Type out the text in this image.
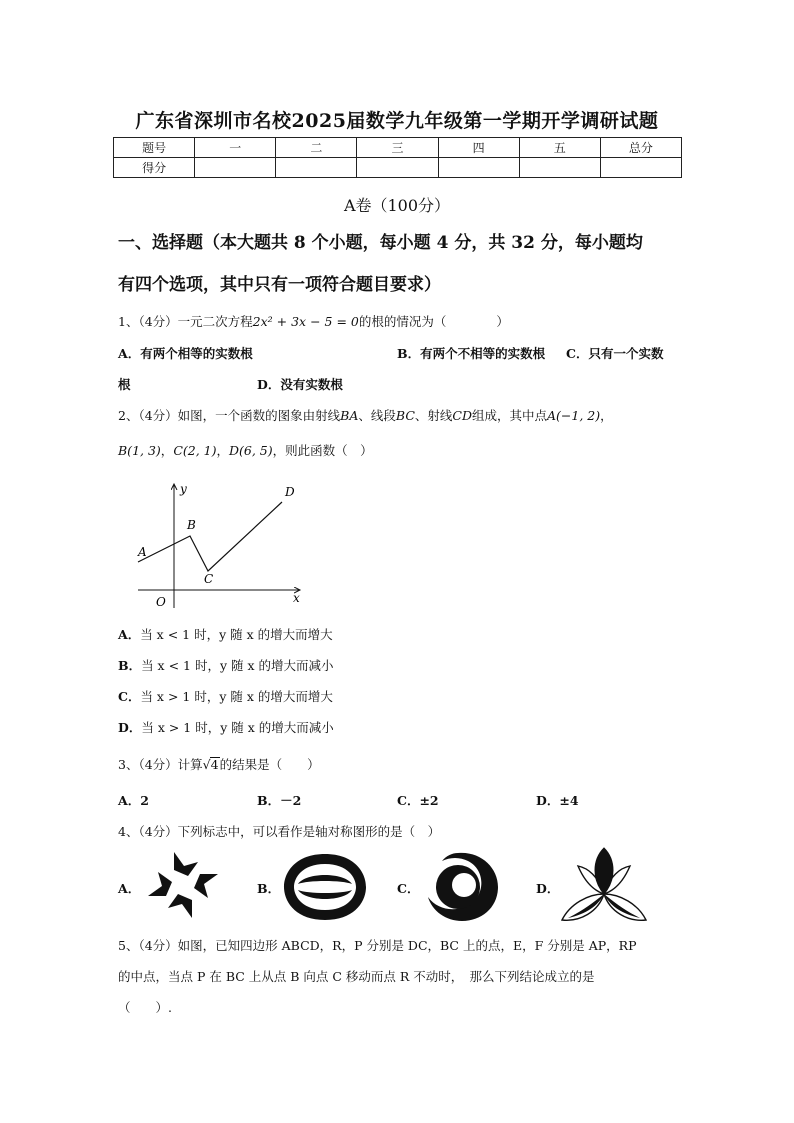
广东省深圳市名校2025届数学九年级第一学期开学调研试题
题号	一	二	三	四	五	总分
得分						
A卷（100分）
一、选择题（本大题共 8 个小题，每小题 4 分，共 32 分，每小题均
有四个选项，其中只有一项符合题目要求）
1、（4分）一元二次方程2x² + 3x − 5 = 0的根的情况为（　　　　）
A．有两个相等的实数根	B．有两个不相等的实数根 C．只有一个实数
根	D．没有实数根
2、（4分）如图，一个函数的图象由射线BA、线段BC、射线CD组成，其中点A(−1, 2)，
B(1, 3)，C(2, 1)，D(6, 5)，则此函数（　）
y
x
O
A
B
C
D
A．当 x < 1 时，y 随 x 的增大而增大
B．当 x < 1 时，y 随 x 的增大而减小
C．当 x > 1 时，y 随 x 的增大而增大
D．当 x > 1 时，y 随 x 的增大而减小
3、（4分）计算√4的结果是（　　）
A．2	B．－2	C．±2	D．±4
4、（4分）下列标志中，可以看作是轴对称图形的是（　）
A．	B．	C．	D．
5、（4分）如图，已知四边形 ABCD，R，P 分别是 DC，BC 上的点，E，F 分别是 AP，RP
的中点，当点 P 在 BC 上从点 B 向点 C 移动而点 R 不动时，　那么下列结论成立的是
（　　）.
